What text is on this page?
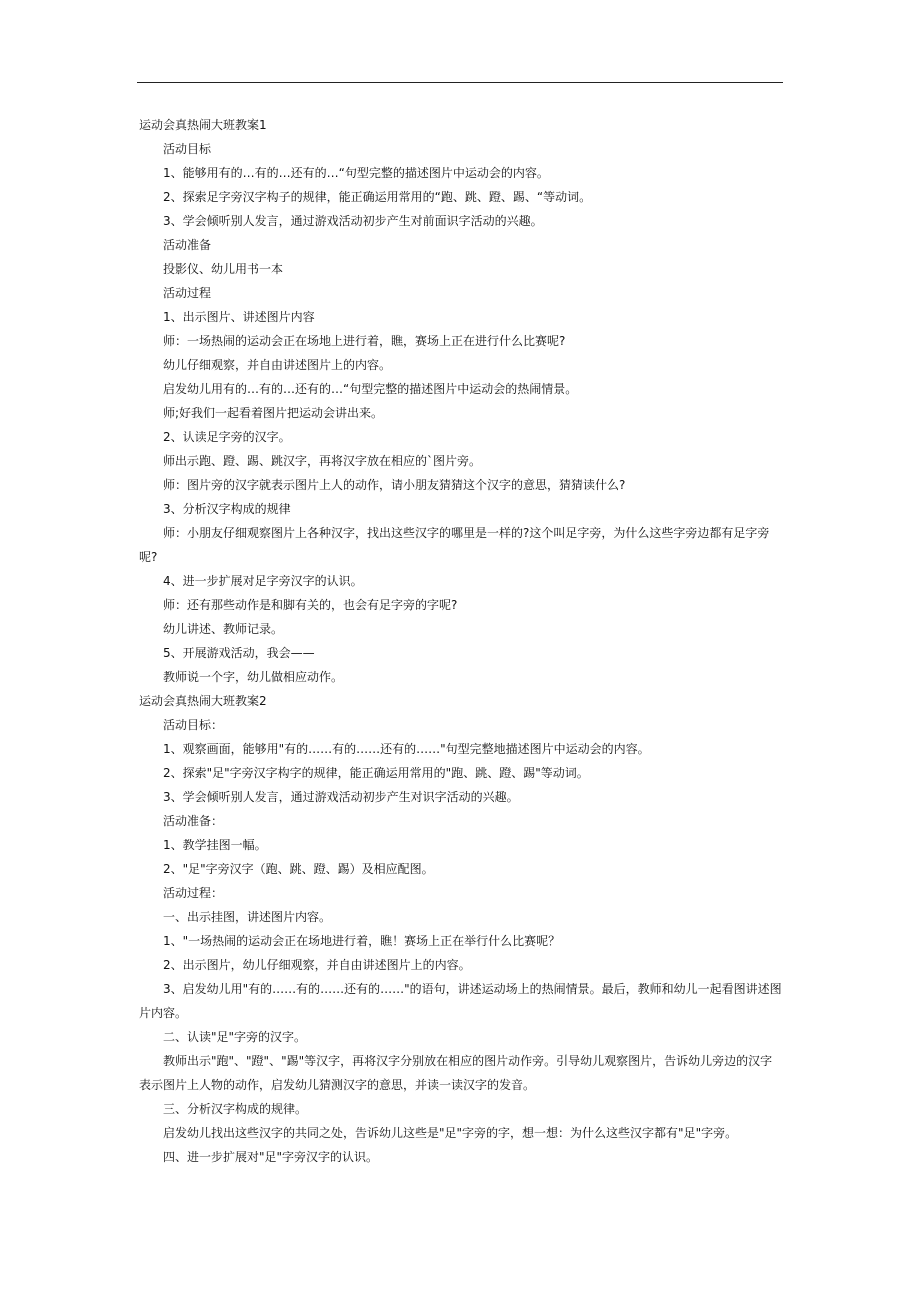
运动会真热闹大班教案1

活动目标

1、能够用有的…有的…还有的…“句型完整的描述图片中运动会的内容。

2、探索足字旁汉字构子的规律，能正确运用常用的“跑、跳、蹬、踢、“等动词。

3、学会倾听别人发言，通过游戏活动初步产生对前面识字活动的兴趣。

活动准备

投影仪、幼儿用书一本

活动过程

1、出示图片、讲述图片内容

师：一场热闹的运动会正在场地上进行着，瞧，赛场上正在进行什么比赛呢?

幼儿仔细观察，并自由讲述图片上的内容。

启发幼儿用有的…有的…还有的…“句型完整的描述图片中运动会的热闹情景。

师;好我们一起看着图片把运动会讲出来。

2、认读足字旁的汉字。

师出示跑、蹬、踢、跳汉字，再将汉字放在相应的`图片旁。

师：图片旁的汉字就表示图片上人的动作，请小朋友猜猜这个汉字的意思，猜猜读什么?

3、分析汉字构成的规律

师：小朋友仔细观察图片上各种汉字，找出这些汉字的哪里是一样的?这个叫足字旁，为什么这些字旁边都有足字旁呢?

4、进一步扩展对足字旁汉字的认识。

师：还有那些动作是和脚有关的，也会有足字旁的字呢?

幼儿讲述、教师记录。

5、开展游戏活动，我会——

教师说一个字，幼儿做相应动作。

运动会真热闹大班教案2

活动目标：

1、观察画面，能够用"有的……有的……还有的……"句型完整地描述图片中运动会的内容。

2、探索"足"字旁汉字构字的规律，能正确运用常用的"跑、跳、蹬、踢"等动词。

3、学会倾听别人发言，通过游戏活动初步产生对识字活动的兴趣。

活动准备：

1、教学挂图一幅。

2、"足"字旁汉字（跑、跳、蹬、踢）及相应配图。

活动过程：

一、出示挂图，讲述图片内容。

1、"一场热闹的运动会正在场地进行着，瞧！赛场上正在举行什么比赛呢？

2、出示图片，幼儿仔细观察，并自由讲述图片上的内容。

3、启发幼儿用"有的……有的……还有的……"的语句，讲述运动场上的热闹情景。最后，教师和幼儿一起看图讲述图片内容。

二、认读"足"字旁的汉字。

教师出示"跑"、"蹬"、"踢"等汉字，再将汉字分别放在相应的图片动作旁。引导幼儿观察图片，告诉幼儿旁边的汉字表示图片上人物的动作，启发幼儿猜测汉字的意思，并读一读汉字的发音。

三、分析汉字构成的规律。

启发幼儿找出这些汉字的共同之处，告诉幼儿这些是"足"字旁的字，想一想：为什么这些汉字都有"足"字旁。

四、进一步扩展对"足"字旁汉字的认识。
